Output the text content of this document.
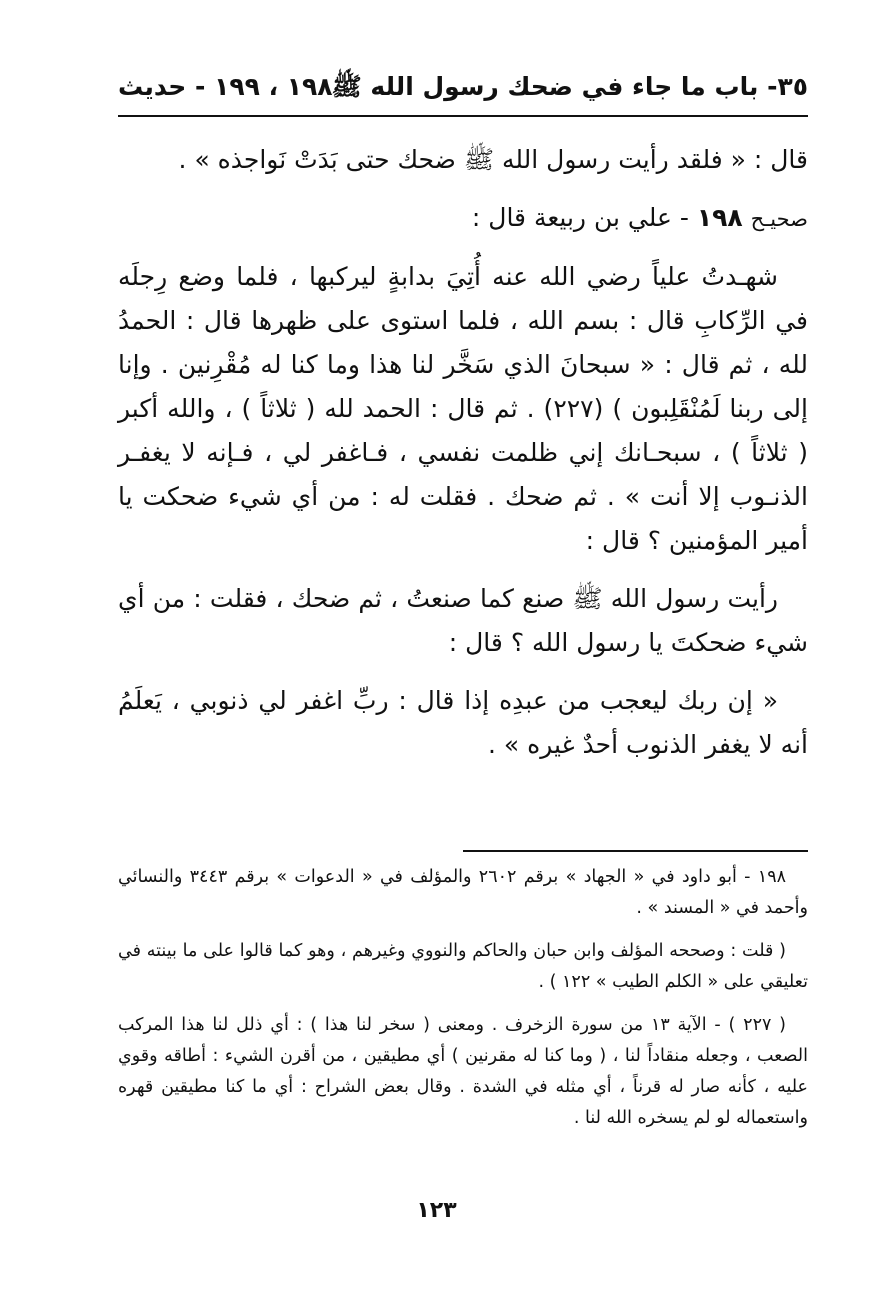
٣٥- باب ما جاء في ضحك رسول الله ﷺ
١٩٨ ، ١٩٩ - حديث

قال : « فلقد رأيت رسول الله ﷺ ضحك حتى بَدَتْ نَواجذه » .

صحيـح ١٩٨ - علي بن ربيعة قال :

شهـدتُ علياً رضي الله عنه أُتِيَ بدابةٍ ليركبها ، فلما وضع رِجلَه في الرِّكابِ قال : بسم الله ، فلما استوى على ظهرها قال : الحمدُ لله ، ثم قال : « سبحانَ الذي سَخَّر لنا هذا وما كنا له مُقْرِنين . وإنا إلى ربنا لَمُنْقَلِبون ) (٢٢٧) . ثم قال : الحمد لله ( ثلاثاً ) ، والله أكبر ( ثلاثاً ) ، سبحـانك إني ظلمت نفسي ، فـاغفر لي ، فـإنه لا يغفـر الذنـوب إلا أنت » . ثم ضحك . فقلت له : من أي شيء ضحكت يا أمير المؤمنين ؟ قال :

رأيت رسول الله ﷺ صنع كما صنعتُ ، ثم ضحك ، فقلت : من أي شيء ضحكتَ يا رسول الله ؟ قال :

« إن ربك ليعجب من عبدِه إذا قال : ربِّ اغفر لي ذنوبي ، يَعلَمُ أنه لا يغفر الذنوب أحدٌ غيره » .

١٩٨ - أبو داود في « الجهاد » برقم ٢٦٠٢ والمؤلف في « الدعوات » برقم ٣٤٤٣ والنسائي وأحمد في « المسند » .

( قلت : وصححه المؤلف وابن حبان والحاكم والنووي وغيرهم ، وهو كما قالوا على ما بينته في تعليقي على « الكلم الطيب » ١٢٢ ) .

( ٢٢٧ ) - الآية ١٣ من سورة الزخرف . ومعنى ( سخر لنا هذا ) : أي ذلل لنا هذا المركب الصعب ، وجعله منقاداً لنا ، ( وما كنا له مقرنين ) أي مطيقين ، من أقرن الشيء : أطاقه وقوي عليه ، كأنه صار له قرناً ، أي مثله في الشدة . وقال بعض الشراح : أي ما كنا مطيقين قهره واستعماله لو لم يسخره الله لنا .

١٢٣
